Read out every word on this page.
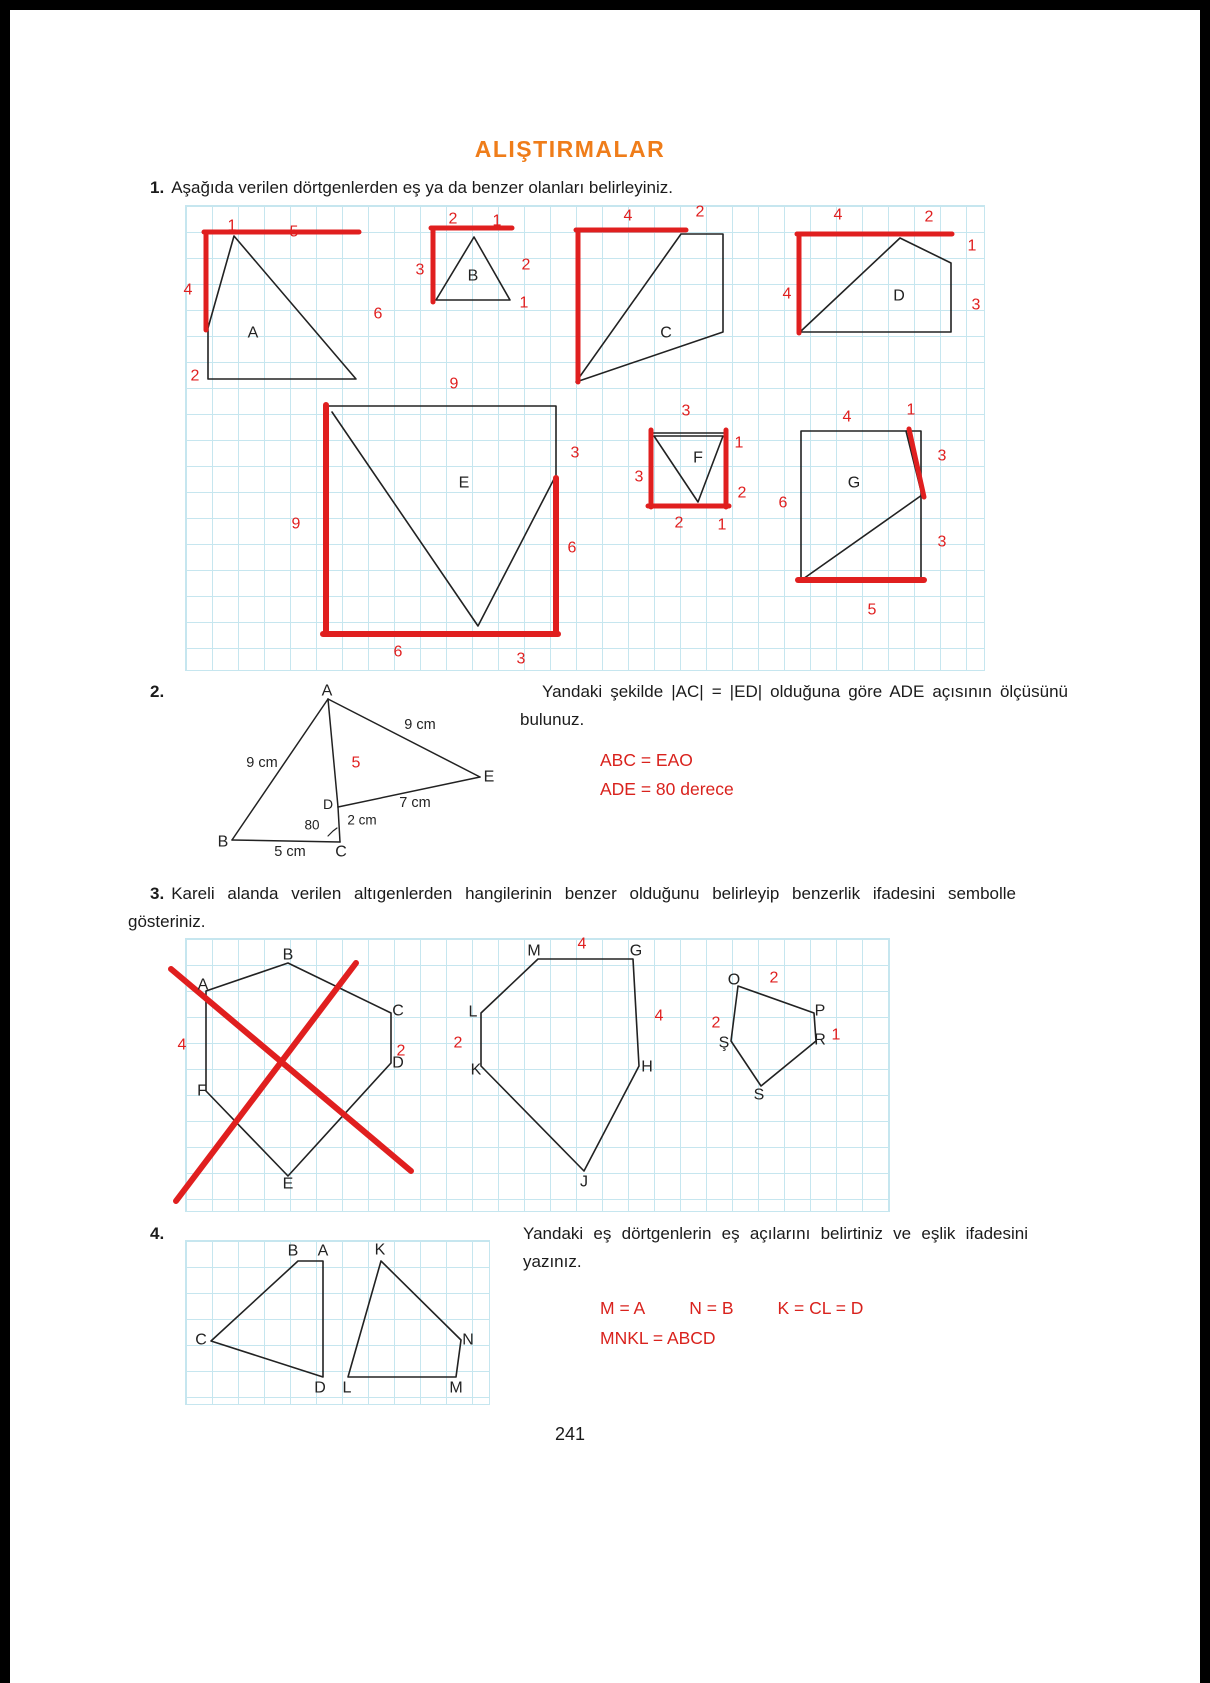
ALIŞTIRMALAR

1. Aşağıda verilen dörtgenlerden eş ya da benzer olanları belirleyiniz.

1	5
4
2
6
A
2 1
3	2
1
B
4	2
C
4	2
1
4
3
D
9
9
3
6
6	3
E
3
1
2
3
2 1
F
4	1
3
3
6
5
G
2.	A
9 cm
9 cm	5
E
D	7 cm
80 2 cm
B
5 cm C

Yandaki şekilde |AC| = |ED| olduğuna göre ADE açısının ölçüsünü bulunuz.

ABC = EAO
ADE = 80 derece

3. Kareli alanda verilen altıgenlerden hangilerinin benzer olduğunu belirleyip benzerlik ifadesini sembolle gösteriniz.

A
B
C
D
E
F
4	2
M	G
4
L	4
2
K	H
J
O 2
P
R 1
Ş
2
S
4.
B A	K
C	N
D L	M

Yandaki eş dörtgenlerin eş açılarını belirtiniz ve eşlik ifadesini yazınız.

M = A	N = B	K = CL = D
MNKL = ABCD
241
